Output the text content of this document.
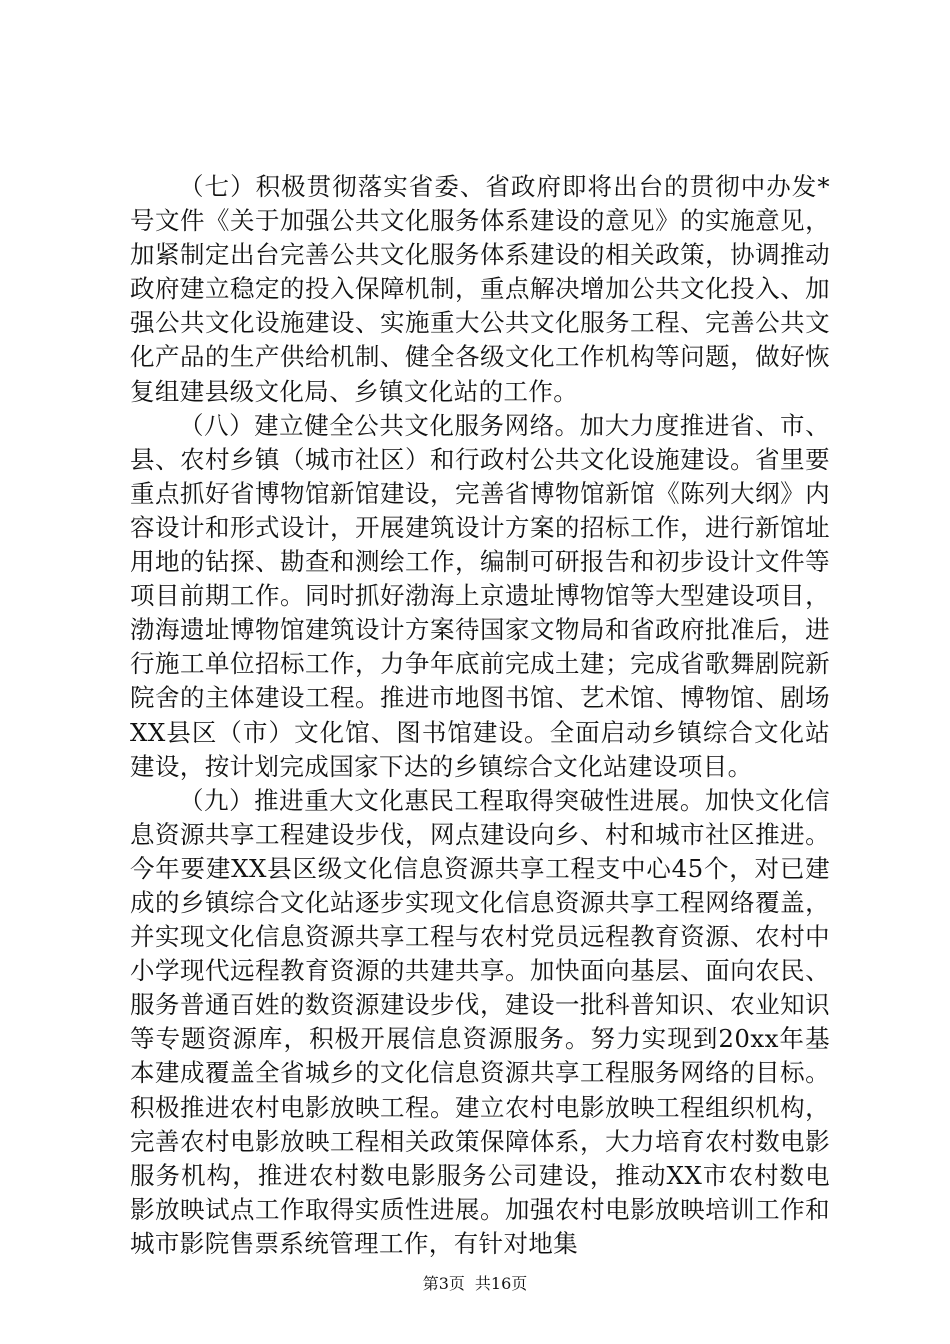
（七）积极贯彻落实省委、省政府即将出台的贯彻中办发*号文件《关于加强公共文化服务体系建设的意见》的实施意见，加紧制定出台完善公共文化服务体系建设的相关政策，协调推动政府建立稳定的投入保障机制，重点解决增加公共文化投入、加强公共文化设施建设、实施重大公共文化服务工程、完善公共文化产品的生产供给机制、健全各级文化工作机构等问题，做好恢复组建县级文化局、乡镇文化站的工作。

（八）建立健全公共文化服务网络。加大力度推进省、市、县、农村乡镇（城市社区）和行政村公共文化设施建设。省里要重点抓好省博物馆新馆建设，完善省博物馆新馆《陈列大纲》内容设计和形式设计，开展建筑设计方案的招标工作，进行新馆址用地的钻探、勘查和测绘工作，编制可研报告和初步设计文件等项目前期工作。同时抓好渤海上京遗址博物馆等大型建设项目，渤海遗址博物馆建筑设计方案待国家文物局和省政府批准后，进行施工单位招标工作，力争年底前完成土建；完成省歌舞剧院新院舍的主体建设工程。推进市地图书馆、艺术馆、博物馆、剧场XX县区（市）文化馆、图书馆建设。全面启动乡镇综合文化站建设，按计划完成国家下达的乡镇综合文化站建设项目。

（九）推进重大文化惠民工程取得突破性进展。加快文化信息资源共享工程建设步伐，网点建设向乡、村和城市社区推进。今年要建XX县区级文化信息资源共享工程支中心45个，对已建成的乡镇综合文化站逐步实现文化信息资源共享工程网络覆盖，并实现文化信息资源共享工程与农村党员远程教育资源、农村中小学现代远程教育资源的共建共享。加快面向基层、面向农民、服务普通百姓的数资源建设步伐，建设一批科普知识、农业知识等专题资源库，积极开展信息资源服务。努力实现到20xx年基本建成覆盖全省城乡的文化信息资源共享工程服务网络的目标。积极推进农村电影放映工程。建立农村电影放映工程组织机构，完善农村电影放映工程相关政策保障体系，大力培育农村数电影服务机构，推进农村数电影服务公司建设，推动XX市农村数电影放映试点工作取得实质性进展。加强农村电影放映培训工作和城市影院售票系统管理工作，有针对地集

第3页 共16页
